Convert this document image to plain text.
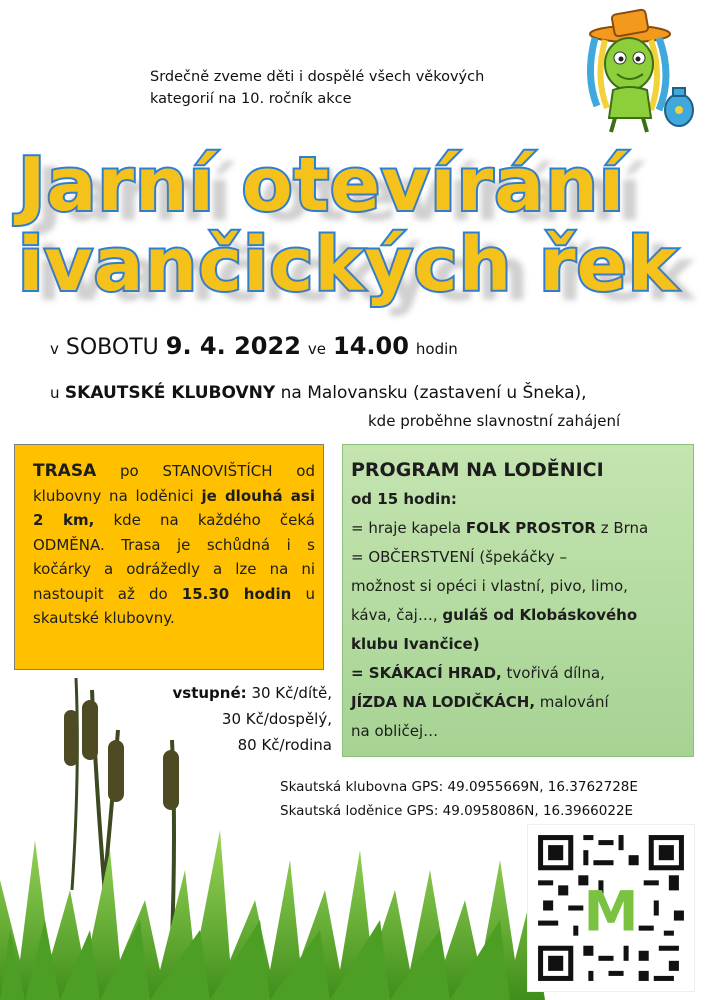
Srdečně zveme děti i dospělé všech věkových
kategorií na 10. ročník akce
Jarní otevírání
ivančických řek
v SOBOTU 9. 4. 2022 ve 14.00 hodin
u SKAUTSKÉ KLUBOVNY na Malovansku (zastavení u Šneka),
kde proběhne slavnostní zahájení

TRASA po STANOVIŠTÍCH od klubovny na loděnici je dlouhá asi 2 km, kde na každého čeká ODMĚNA. Trasa je schůdná i s kočárky a odrážedly a lze na ni nastoupit až do 15.30 hodin u skautské klubovny.

vstupné: 30 Kč/dítě,
30 Kč/dospělý,
80 Kč/rodina

PROGRAM NA LODĚNICI

od 15 hodin:

= hraje kapela FOLK PROSTOR z Brna

= OBČERSTVENÍ (špekáčky –

možnost si opéci i vlastní, pivo, limo,

káva, čaj…, guláš od Klobáskového

klubu Ivančice)

= SKÁKACÍ HRAD, tvořivá dílna,

JÍZDA NA LODIČKÁCH, malování

na obličej…

Skautská klubovna GPS: 49.0955669N, 16.3762728E
Skautská loděnice GPS: 49.0958086N, 16.3966022E
M
